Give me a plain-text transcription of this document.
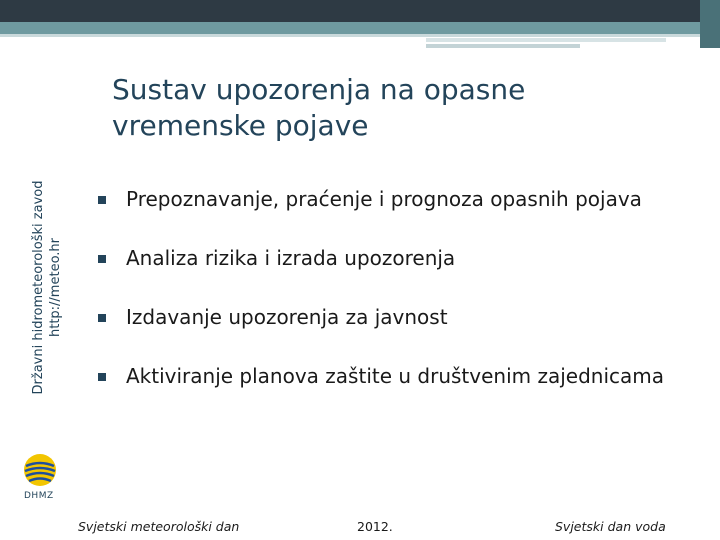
Sustav upozorenja na opasne
vremenske pojave
Državni hidrometeorološki zavod http://meteo.hr
Prepoznavanje, praćenje i prognoza opasnih pojava
Analiza rizika i izrada upozorenja
Izdavanje upozorenja za javnost
Aktiviranje planova zaštite u društvenim zajednicama
DHMZ
Svjetski meteorološki dan	2012.	Svjetski dan voda
